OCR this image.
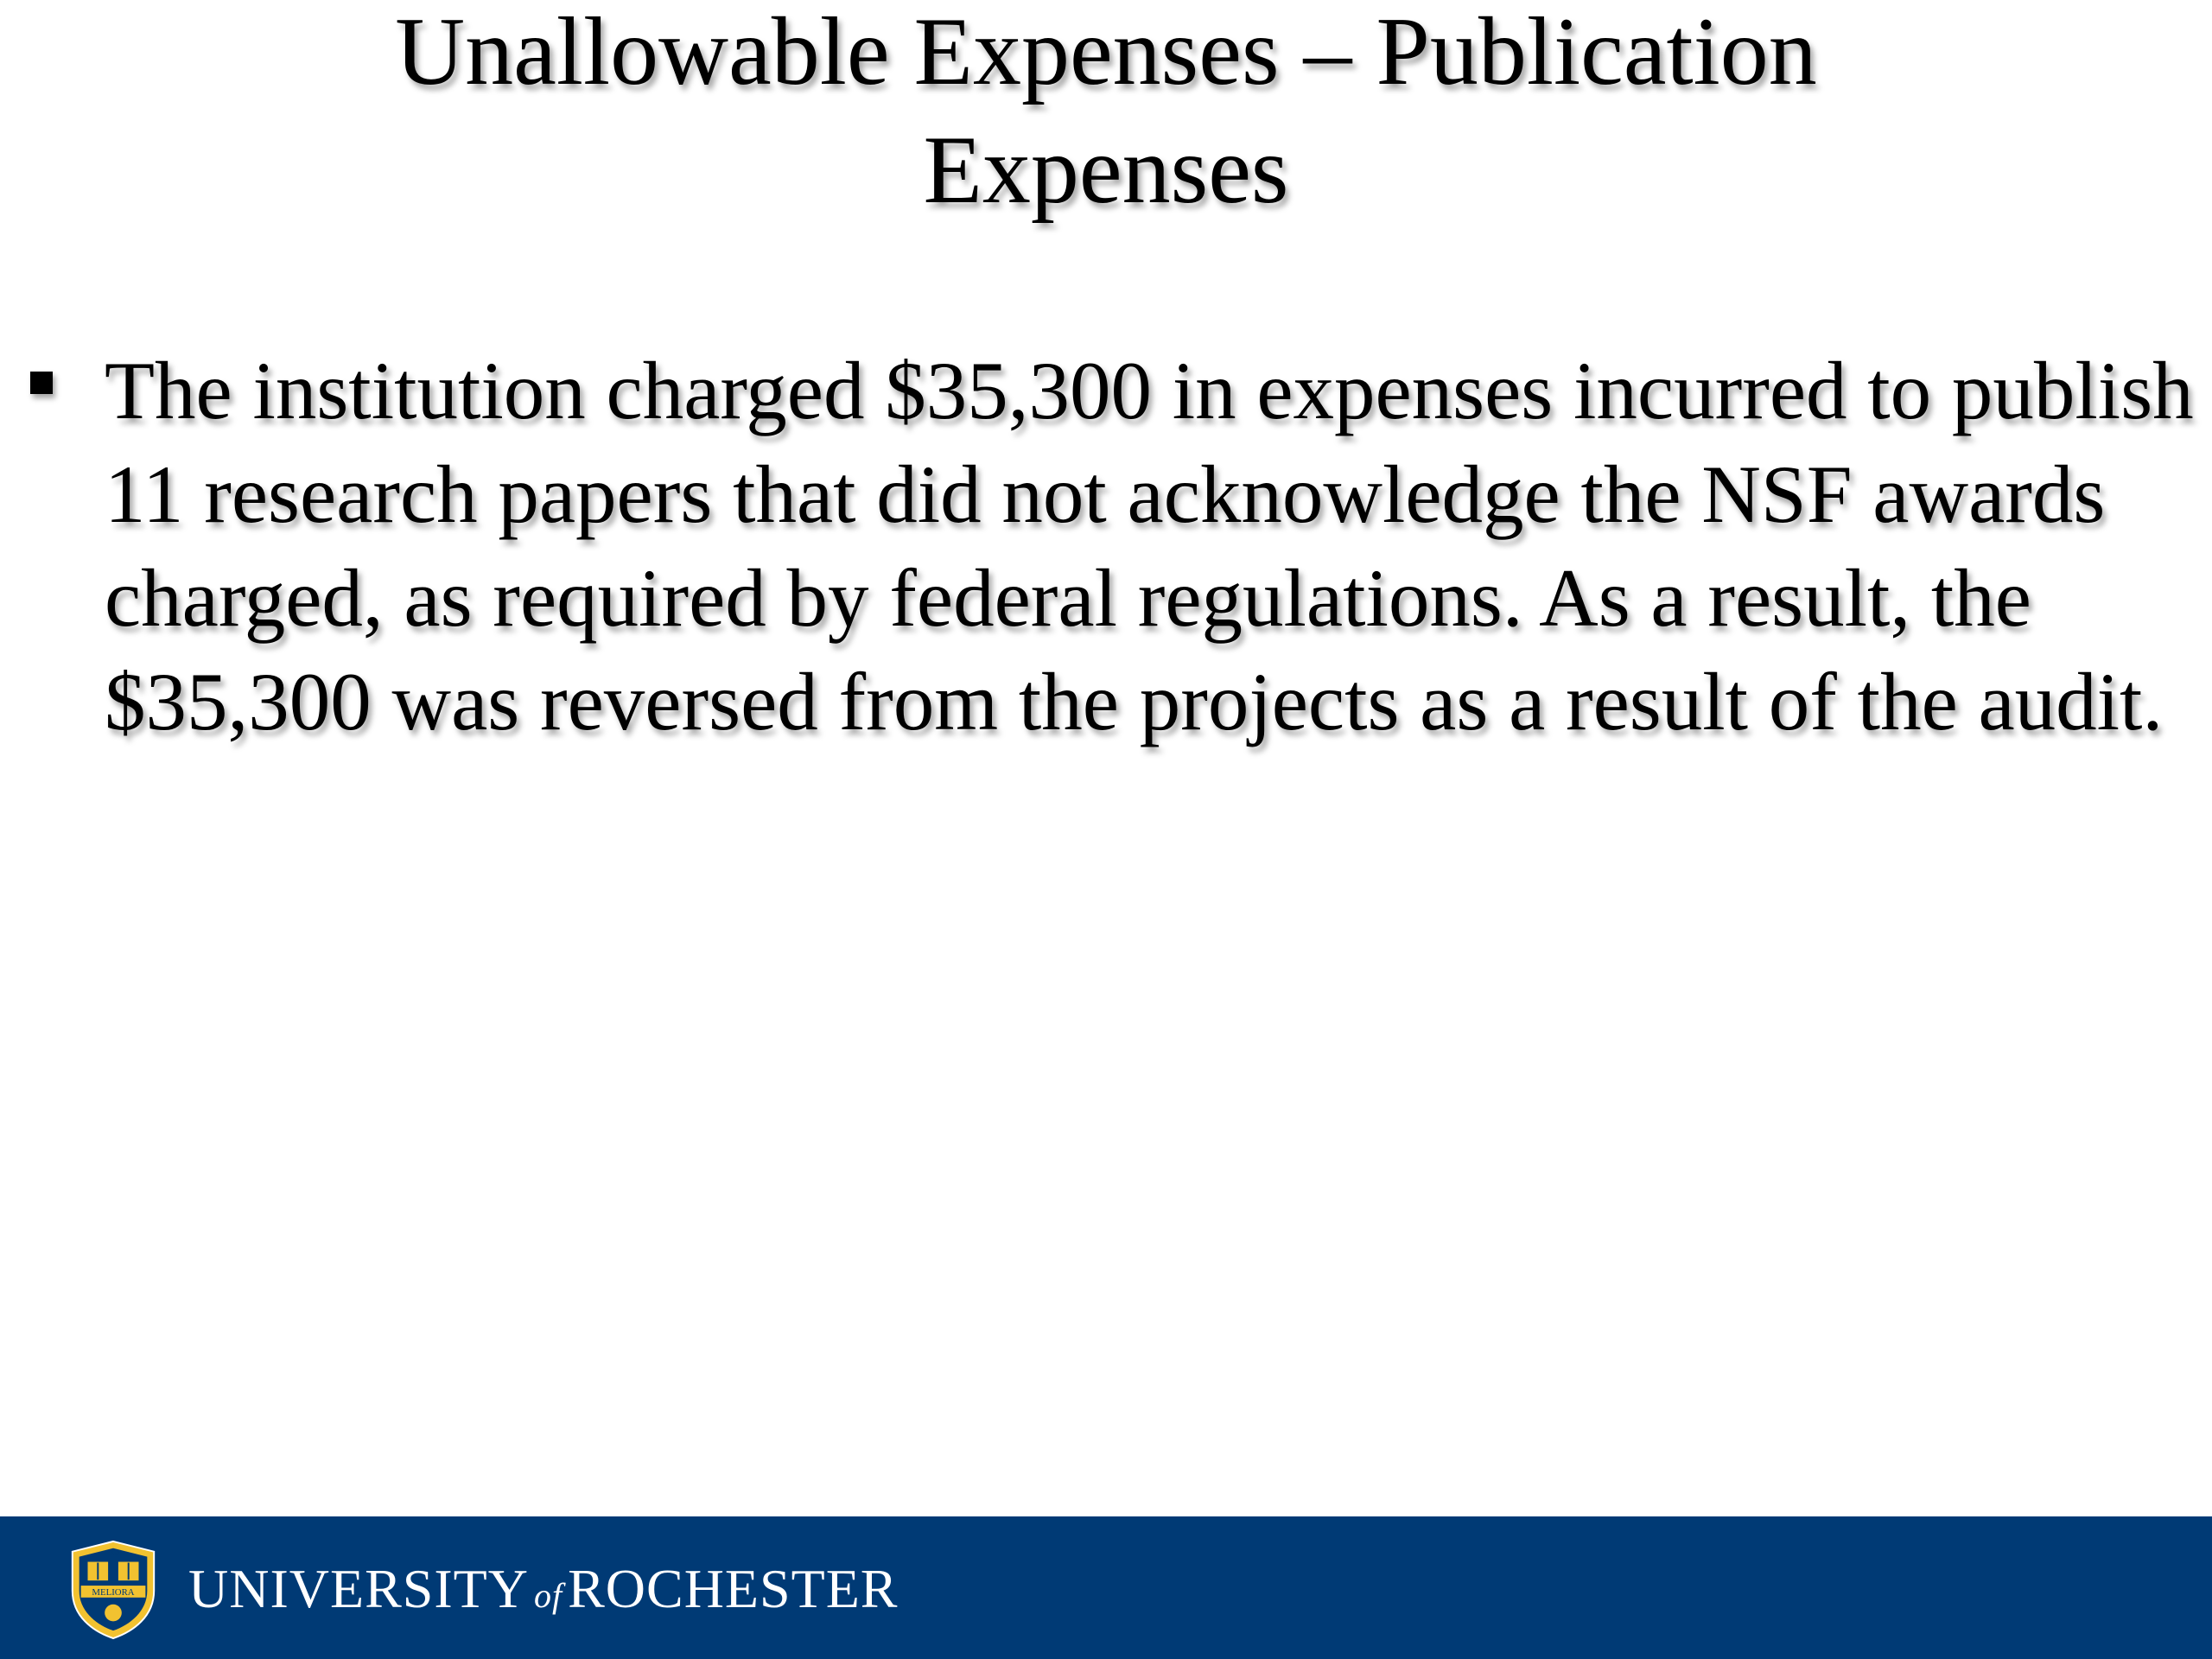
Unallowable Expenses – Publication
Expenses
The institution charged $35,300 in expenses incurred to publish 11 research papers that did not acknowledge the NSF awards charged, as required by federal regulations. As a result, the $35,300 was reversed from the projects as a result of the audit.
MELIORA
1850
UNIVERSITY ofROCHESTER
